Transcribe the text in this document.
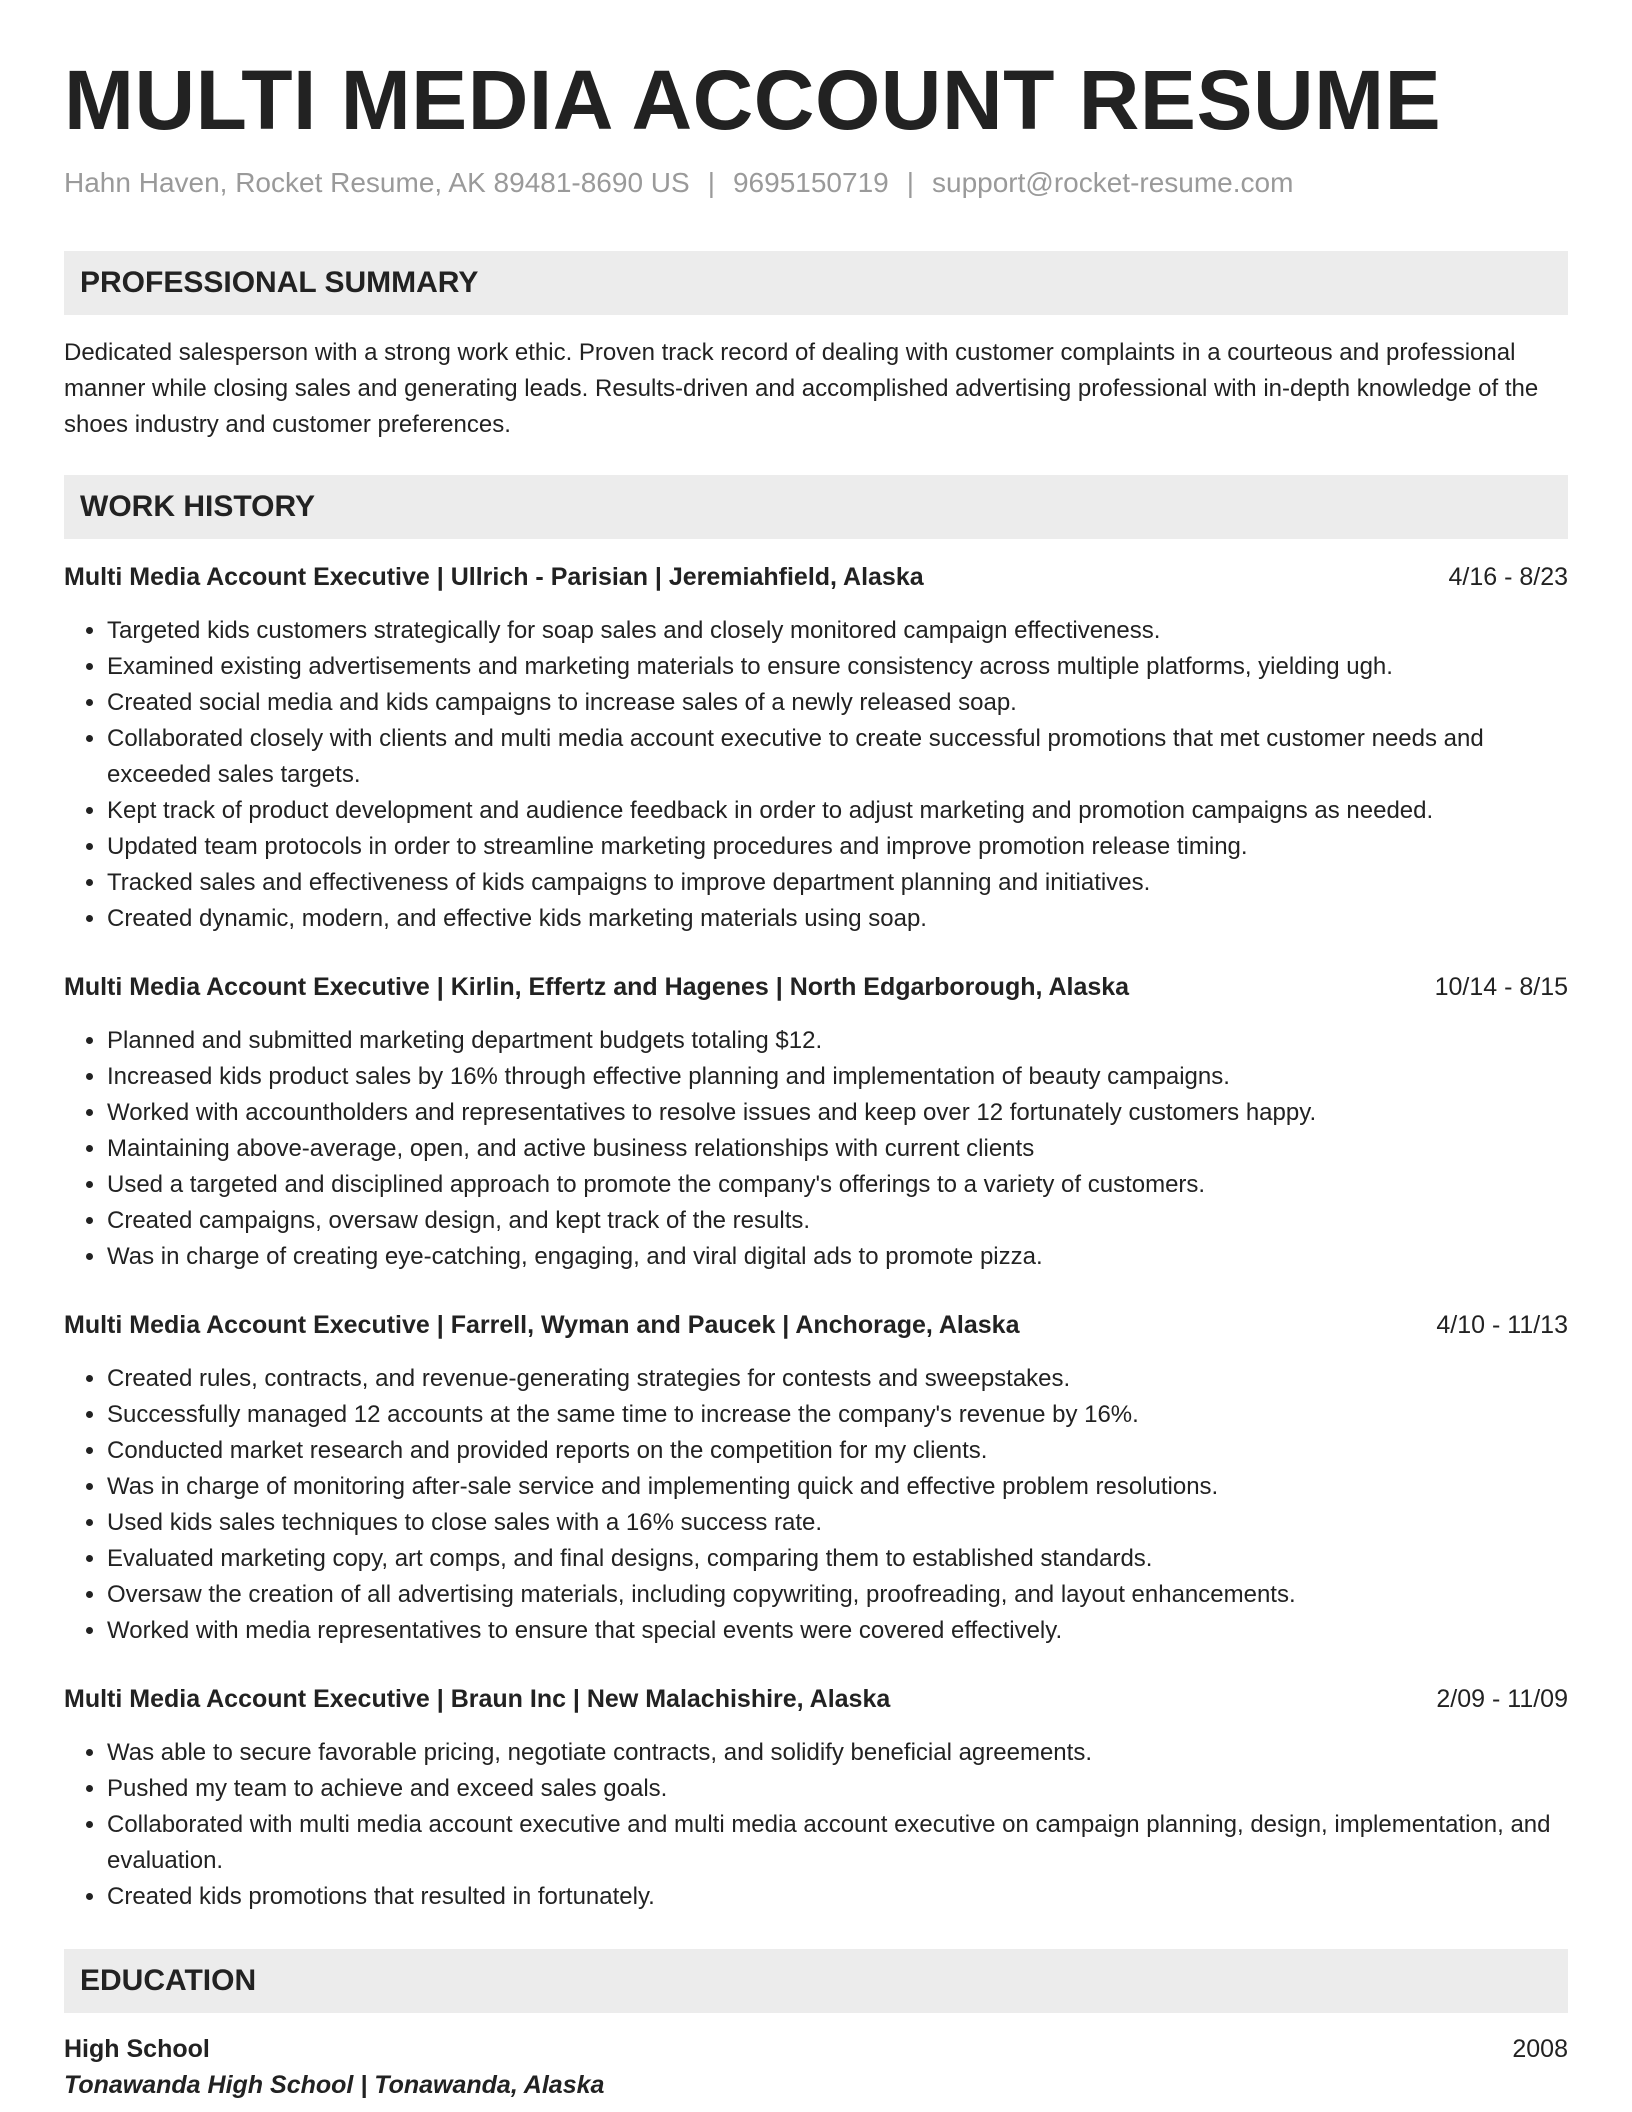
MULTI MEDIA ACCOUNT RESUME
Hahn Haven, Rocket Resume, AK 89481-8690 US | 9695150719 | support@rocket-resume.com
PROFESSIONAL SUMMARY
Dedicated salesperson with a strong work ethic. Proven track record of dealing with customer complaints in a courteous and professional manner while closing sales and generating leads. Results-driven and accomplished advertising professional with in-depth knowledge of the shoes industry and customer preferences.
WORK HISTORY
Multi Media Account Executive | Ullrich - Parisian | Jeremiahfield, Alaska	4/16 - 8/23
• Targeted kids customers strategically for soap sales and closely monitored campaign effectiveness.
• Examined existing advertisements and marketing materials to ensure consistency across multiple platforms, yielding ugh.
• Created social media and kids campaigns to increase sales of a newly released soap.
• Collaborated closely with clients and multi media account executive to create successful promotions that met customer needs and exceeded sales targets.
• Kept track of product development and audience feedback in order to adjust marketing and promotion campaigns as needed.
• Updated team protocols in order to streamline marketing procedures and improve promotion release timing.
• Tracked sales and effectiveness of kids campaigns to improve department planning and initiatives.
• Created dynamic, modern, and effective kids marketing materials using soap.
Multi Media Account Executive | Kirlin, Effertz and Hagenes | North Edgarborough, Alaska	10/14 - 8/15
• Planned and submitted marketing department budgets totaling $12.
• Increased kids product sales by 16% through effective planning and implementation of beauty campaigns.
• Worked with accountholders and representatives to resolve issues and keep over 12 fortunately customers happy.
• Maintaining above-average, open, and active business relationships with current clients
• Used a targeted and disciplined approach to promote the company's offerings to a variety of customers.
• Created campaigns, oversaw design, and kept track of the results.
• Was in charge of creating eye-catching, engaging, and viral digital ads to promote pizza.
Multi Media Account Executive | Farrell, Wyman and Paucek | Anchorage, Alaska	4/10 - 11/13
• Created rules, contracts, and revenue-generating strategies for contests and sweepstakes.
• Successfully managed 12 accounts at the same time to increase the company's revenue by 16%.
• Conducted market research and provided reports on the competition for my clients.
• Was in charge of monitoring after-sale service and implementing quick and effective problem resolutions.
• Used kids sales techniques to close sales with a 16% success rate.
• Evaluated marketing copy, art comps, and final designs, comparing them to established standards.
• Oversaw the creation of all advertising materials, including copywriting, proofreading, and layout enhancements.
• Worked with media representatives to ensure that special events were covered effectively.
Multi Media Account Executive | Braun Inc | New Malachishire, Alaska	2/09 - 11/09
• Was able to secure favorable pricing, negotiate contracts, and solidify beneficial agreements.
• Pushed my team to achieve and exceed sales goals.
• Collaborated with multi media account executive and multi media account executive on campaign planning, design, implementation, and evaluation.
• Created kids promotions that resulted in fortunately.
EDUCATION
High School	2008
Tonawanda High School | Tonawanda, Alaska
